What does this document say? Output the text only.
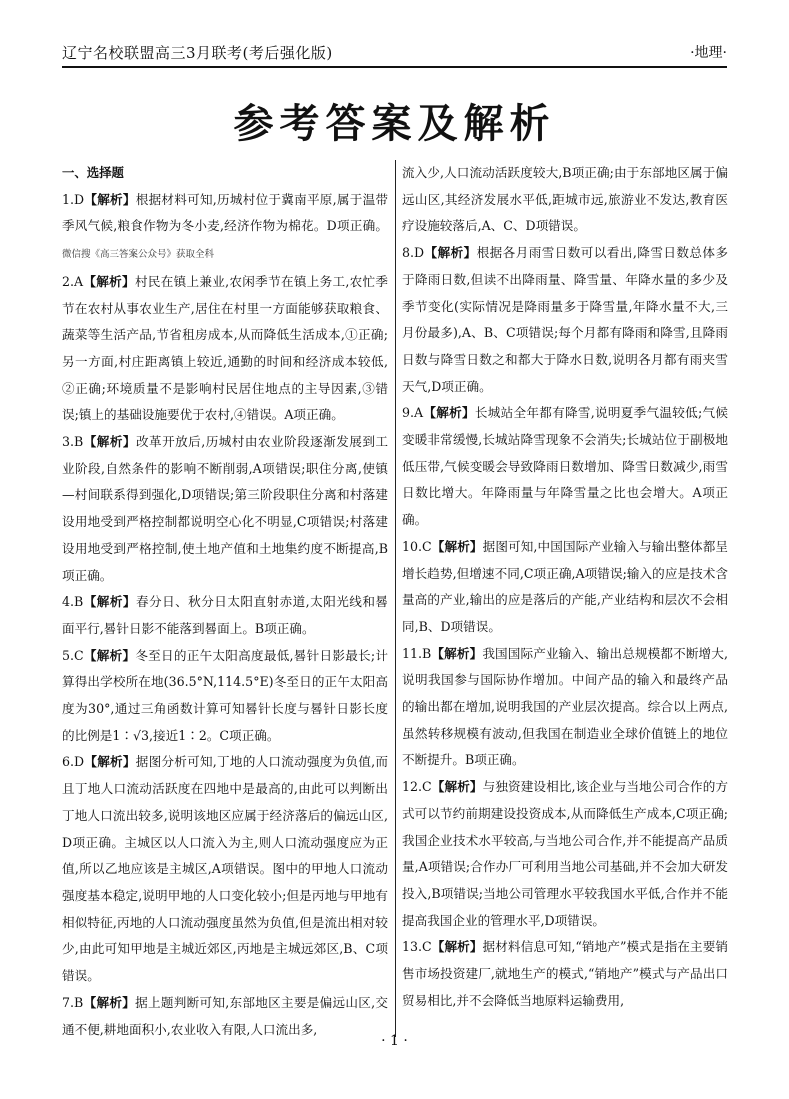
辽宁名校联盟高三3月联考(考后强化版)	·地理·
参考答案及解析
一、选择题

1.D【解析】根据材料可知,历城村位于冀南平原,属于温带季风气候,粮食作物为冬小麦,经济作物为棉花。D项正确。微信搜《高三答案公众号》获取全科

2.A【解析】村民在镇上兼业,农闲季节在镇上务工,农忙季节在农村从事农业生产,居住在村里一方面能够获取粮食、蔬菜等生活产品,节省租房成本,从而降低生活成本,①正确;另一方面,村庄距离镇上较近,通勤的时间和经济成本较低,②正确;环境质量不是影响村民居住地点的主导因素,③错误;镇上的基础设施要优于农村,④错误。A项正确。

3.B【解析】改革开放后,历城村由农业阶段逐渐发展到工业阶段,自然条件的影响不断削弱,A项错误;职住分离,使镇—村间联系得到强化,D项错误;第三阶段职住分离和村落建设用地受到严格控制都说明空心化不明显,C项错误;村落建设用地受到严格控制,使土地产值和土地集约度不断提高,B项正确。

4.B【解析】春分日、秋分日太阳直射赤道,太阳光线和晷面平行,晷针日影不能落到晷面上。B项正确。

5.C【解析】冬至日的正午太阳高度最低,晷针日影最长;计算得出学校所在地(36.5°N,114.5°E)冬至日的正午太阳高度为30°,通过三角函数计算可知晷针长度与晷针日影长度的比例是1∶√3,接近1∶2。C项正确。

6.D【解析】据图分析可知,丁地的人口流动强度为负值,而且丁地人口流动活跃度在四地中是最高的,由此可以判断出丁地人口流出较多,说明该地区应属于经济落后的偏远山区,D项正确。主城区以人口流入为主,则人口流动强度应为正值,所以乙地应该是主城区,A项错误。图中的甲地人口流动强度基本稳定,说明甲地的人口变化较小;但是丙地与甲地有相似特征,丙地的人口流动强度虽然为负值,但是流出相对较少,由此可知甲地是主城近郊区,丙地是主城远郊区,B、C项错误。

7.B【解析】据上题判断可知,东部地区主要是偏远山区,交通不便,耕地面积小,农业收入有限,人口流出多,

流入少,人口流动活跃度较大,B项正确;由于东部地区属于偏远山区,其经济发展水平低,距城市远,旅游业不发达,教育医疗设施较落后,A、C、D项错误。

8.D【解析】根据各月雨雪日数可以看出,降雪日数总体多于降雨日数,但读不出降雨量、降雪量、年降水量的多少及季节变化(实际情况是降雨量多于降雪量,年降水量不大,三月份最多),A、B、C项错误;每个月都有降雨和降雪,且降雨日数与降雪日数之和都大于降水日数,说明各月都有雨夹雪天气,D项正确。

9.A【解析】长城站全年都有降雪,说明夏季气温较低;气候变暖非常缓慢,长城站降雪现象不会消失;长城站位于副极地低压带,气候变暖会导致降雨日数增加、降雪日数减少,雨雪日数比增大。年降雨量与年降雪量之比也会增大。A项正确。

10.C【解析】据图可知,中国国际产业输入与输出整体都呈增长趋势,但增速不同,C项正确,A项错误;输入的应是技术含量高的产业,输出的应是落后的产能,产业结构和层次不会相同,B、D项错误。

11.B【解析】我国国际产业输入、输出总规模都不断增大,说明我国参与国际协作增加。中间产品的输入和最终产品的输出都在增加,说明我国的产业层次提高。综合以上两点,虽然转移规模有波动,但我国在制造业全球价值链上的地位不断提升。B项正确。

12.C【解析】与独资建设相比,该企业与当地公司合作的方式可以节约前期建设投资成本,从而降低生产成本,C项正确;我国企业技术水平较高,与当地公司合作,并不能提高产品质量,A项错误;合作办厂可利用当地公司基础,并不会加大研发投入,B项错误;当地公司管理水平较我国水平低,合作并不能提高我国企业的管理水平,D项错误。

13.C【解析】据材料信息可知,“销地产”模式是指在主要销售市场投资建厂,就地生产的模式,“销地产”模式与产品出口贸易相比,并不会降低当地原料运输费用,

· 1 ·
